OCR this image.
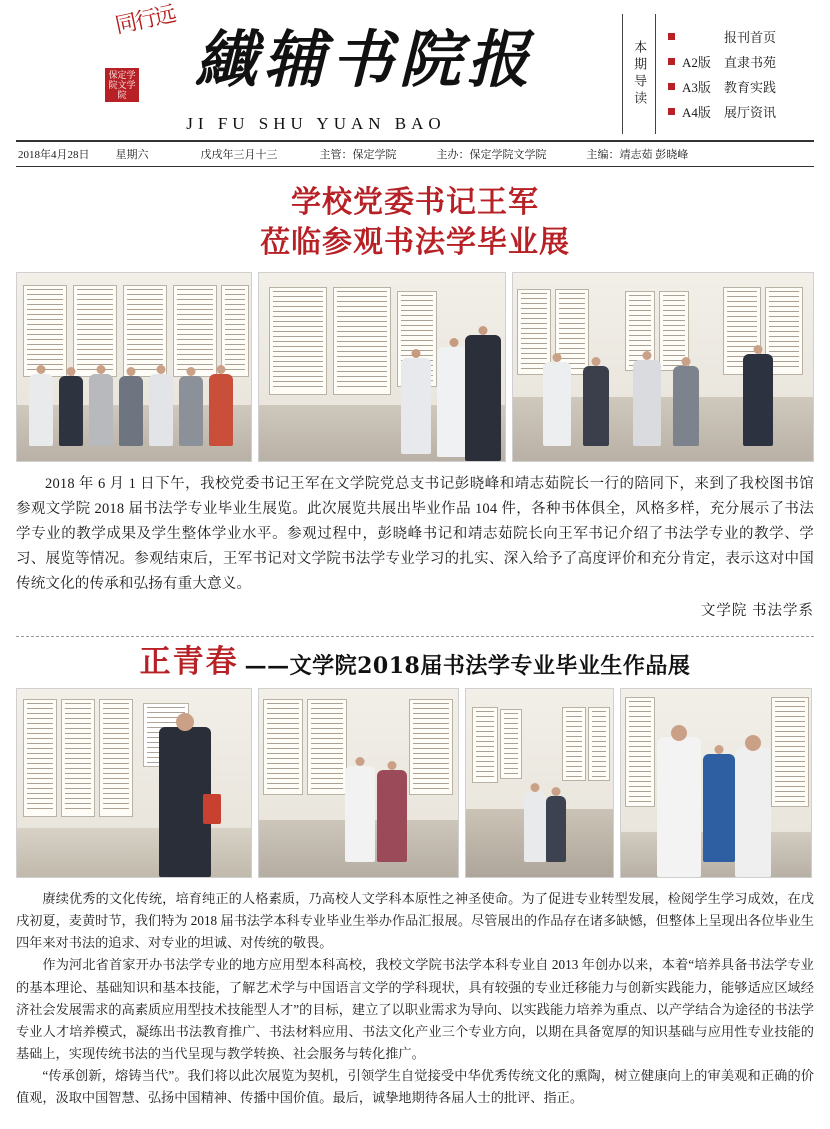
同行远
保定学院文学院 纎辅书院报
JI FU SHU YUAN BAO
本期导读
报刊首页
A2版	直隶书苑
A3版	教育实践
A4版	展厅资讯
2018年4月28日 星期六	戊戌年三月十三	主管：保定学院	主办：保定学院文学院	主编：靖志茹 彭晓峰
学校党委书记王军
莅临参观书法学毕业展

2018 年 6 月 1 日下午，我校党委书记王军在文学院党总支书记彭晓峰和靖志茹院长一行的陪同下，来到了我校图书馆参观文学院 2018 届书法学专业毕业生展览。此次展览共展出毕业作品 104 件，各种书体俱全，风格多样，充分展示了书法学专业的教学成果及学生整体学业水平。参观过程中，彭晓峰书记和靖志茹院长向王军书记介绍了书法学专业的教学、学习、展览等情况。参观结束后，王军书记对文学院书法学专业学习的扎实、深入给予了高度评价和充分肯定，表示这对中国传统文化的传承和弘扬有重大意义。

文学院 书法学系
正青春 ——文学院2018届书法学专业毕业生作品展

赓续优秀的文化传统，培育纯正的人格素质，乃高校人文学科本原性之神圣使命。为了促进专业转型发展，检阅学生学习成效，在戊戌初夏，麦黄时节，我们特为 2018 届书法学本科专业毕业生举办作品汇报展。尽管展出的作品存在诸多缺憾，但整体上呈现出各位毕业生四年来对书法的追求、对专业的坦诚、对传统的敬畏。

作为河北省首家开办书法学专业的地方应用型本科高校，我校文学院书法学本科专业自 2013 年创办以来，本着“培养具备书法学专业的基本理论、基础知识和基本技能，了解艺术学与中国语言文学的学科现状，具有较强的专业迁移能力与创新实践能力，能够适应区域经济社会发展需求的高素质应用型技术技能型人才”的目标，建立了以职业需求为导向、以实践能力培养为重点、以产学结合为途径的书法学专业人才培养模式，凝练出书法教育推广、书法材料应用、书法文化产业三个专业方向，以期在具备宽厚的知识基础与应用性专业技能的基础上，实现传统书法的当代呈现与教学转换、社会服务与转化推广。

“传承创新，熔铸当代”。我们将以此次展览为契机，引领学生自觉接受中华优秀传统文化的熏陶，树立健康向上的审美观和正确的价值观，汲取中国智慧、弘扬中国精神、传播中国价值。最后，诚挚地期待各届人士的批评、指正。
